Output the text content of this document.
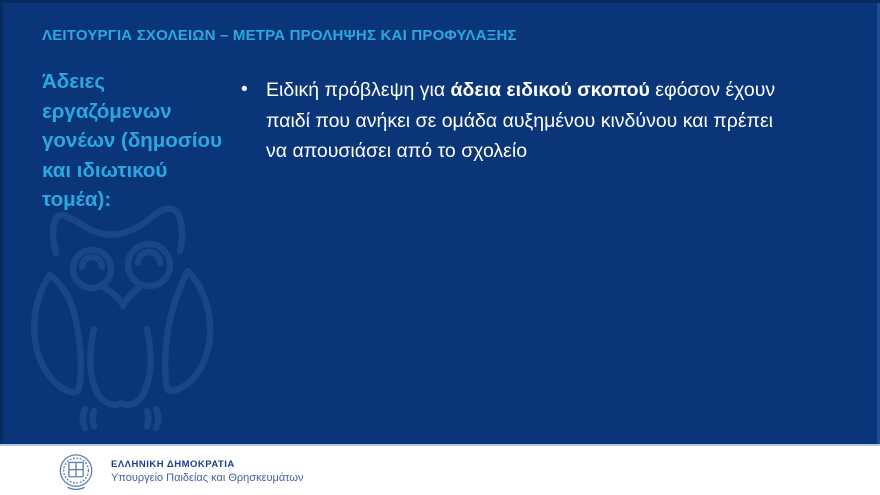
ΛΕΙΤΟΥΡΓΙΑ ΣΧΟΛΕΙΩΝ – ΜΕΤΡΑ ΠΡΟΛΗΨΗΣ ΚΑΙ ΠΡΟΦΥΛΑΞΗΣ
Άδειες
εργαζόμενων
γονέων (δημοσίου
και ιδιωτικού
τομέα):
• Ειδική πρόβλεψη για άδεια ειδικού σκοπού εφόσον έχουν
παιδί που ανήκει σε ομάδα αυξημένου κινδύνου και πρέπει
να απουσιάσει από το σχολείο
ΕΛΛΗΝΙΚΗ ΔΗΜΟΚΡΑΤΙΑ
Υπουργείο Παιδείας και Θρησκευμάτων
